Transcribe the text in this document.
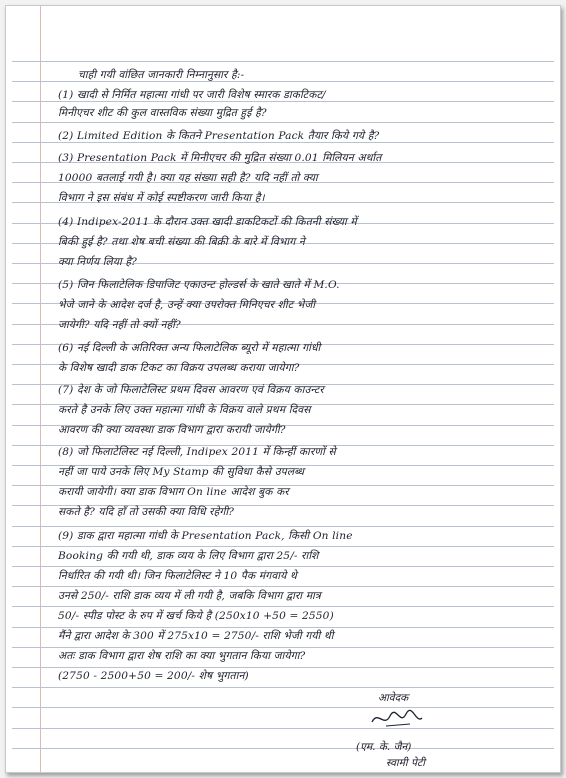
चाही गयी वांछित जानकारी निम्नानुसार है:-
(1) खादी से निर्मित महात्मा गांधी पर जारी विशेष स्मारक डाकटिकट/
मिनीएचर शीट की कुल वास्तविक संख्या मुद्रित हुई है?
(2) Limited Edition के कितने Presentation Pack तैयार किये गये है?
(3) Presentation Pack में मिनीएचर की मुद्रित संख्या 0.01 मिलियन अर्थात
10000 बतलाई गयी है। क्या यह संख्या सही है? यदि नहीं तो क्या
विभाग ने इस संबंध में कोई स्पष्टीकरण जारी किया है।
(4) Indipex-2011 के दौरान उक्त खादी डाकटिकटों की कितनी संख्या में
बिकी हुई है? तथा शेष बची संख्या की बिक्री के बारे में विभाग ने
क्या निर्णय लिया है?
(5) जिन फिलाटेलिक डिपाजिट एकाउन्ट होल्डर्स के खाते खाते में M.O.
भेजे जाने के आदेश दर्ज है, उन्हें क्या उपरोक्त मिनिएचर शीट भेजी
जायेगी? यदि नहीं तो क्यों नहीं?
(6) नई दिल्ली के अतिरिक्त अन्य फिलाटेलिक ब्यूरो में महात्मा गांधी
के विशेष खादी डाक टिकट का विक्रय उपलब्ध कराया जायेगा?
(7) देश के जो फिलाटेलिस्ट प्रथम दिवस आवरण एवं विक्रय काउन्टर
करते है उनके लिए उक्त महात्मा गांधी के विक्रय वाले प्रथम दिवस
आवरण की क्या व्यवस्था डाक विभाग द्वारा करायी जायेगी?
(8) जो फिलाटेलिस्ट नई दिल्ली, Indipex 2011 में किन्हीं कारणों से
नहीं जा पाये उनके लिए My Stamp की सुविधा कैसे उपलब्ध
करायी जायेगी। क्या डाक विभाग On line आदेश बुक कर
सकते है? यदि हाँ तो उसकी क्या विधि रहेगी?
(9) डाक द्वारा महात्मा गांधी के Presentation Pack, किसी On line
Booking की गयी थी, डाक व्यय के लिए विभाग द्वारा 25/- राशि
निर्धारित की गयी थी। जिन फिलाटेलिस्ट ने 10 पैक मंगवाये थे
उनसे 250/- राशि डाक व्यय में ली गयी है, जबकि विभाग द्वारा मात्र
50/- स्पीड पोस्ट के रुप में खर्च किये है (250x10 +50 = 2550)
मैंने द्वारा आदेश के 300 में 275x10 = 2750/- राशि भेजी गयी थी
अतः डाक विभाग द्वारा शेष राशि का क्या भुगतान किया जायेगा?
(2750 - 2500+50 = 200/- शेष भुगतान)
आवेदक
(एम. के. जैन)
स्वामी पेटी
